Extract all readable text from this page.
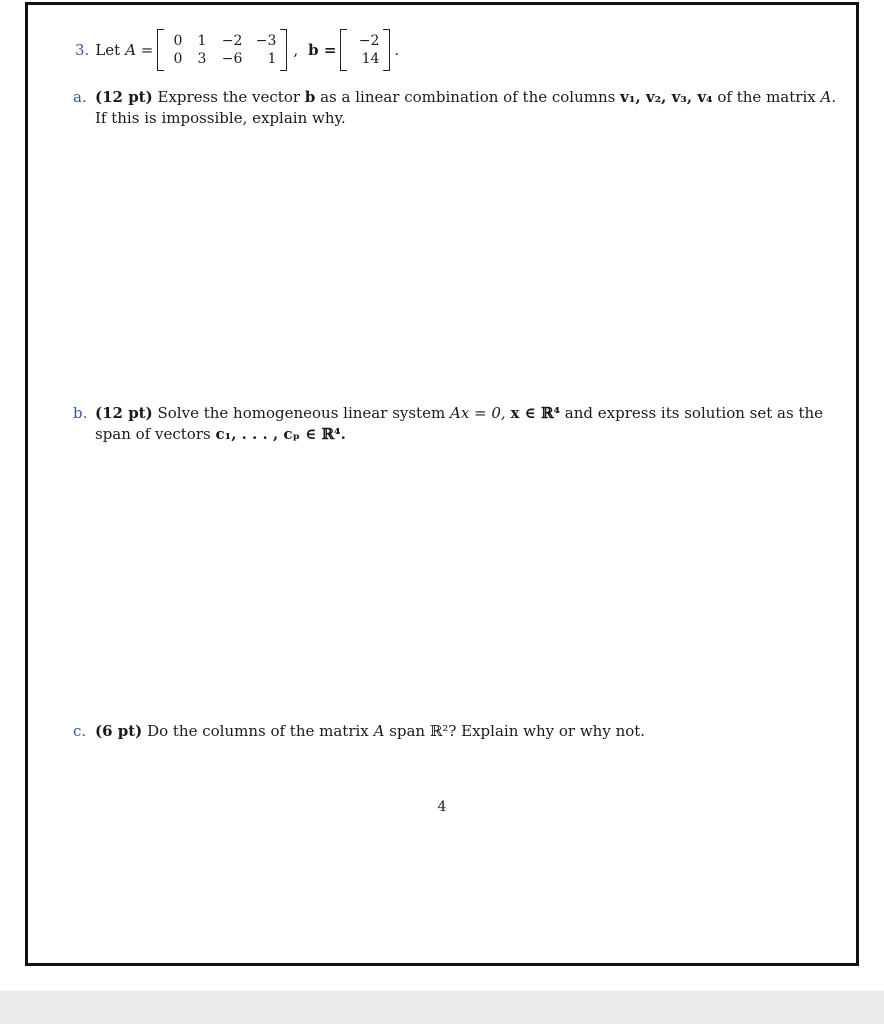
3. Let A =
0	1	−2 −3
0	3	−6	1 , b =
−2
14 .
a. (12 pt) Express the vector b as a linear combination of the columns v₁, v₂, v₃, v₄ of the matrix A.
If this is impossible, explain why.
b. (12 pt) Solve the homogeneous linear system Ax = 0, x ∈ ℝ⁴ and express its solution set as the
span of vectors c₁, . . . , cₚ ∈ ℝ⁴.
c. (6 pt) Do the columns of the matrix A span ℝ²? Explain why or why not.
4
